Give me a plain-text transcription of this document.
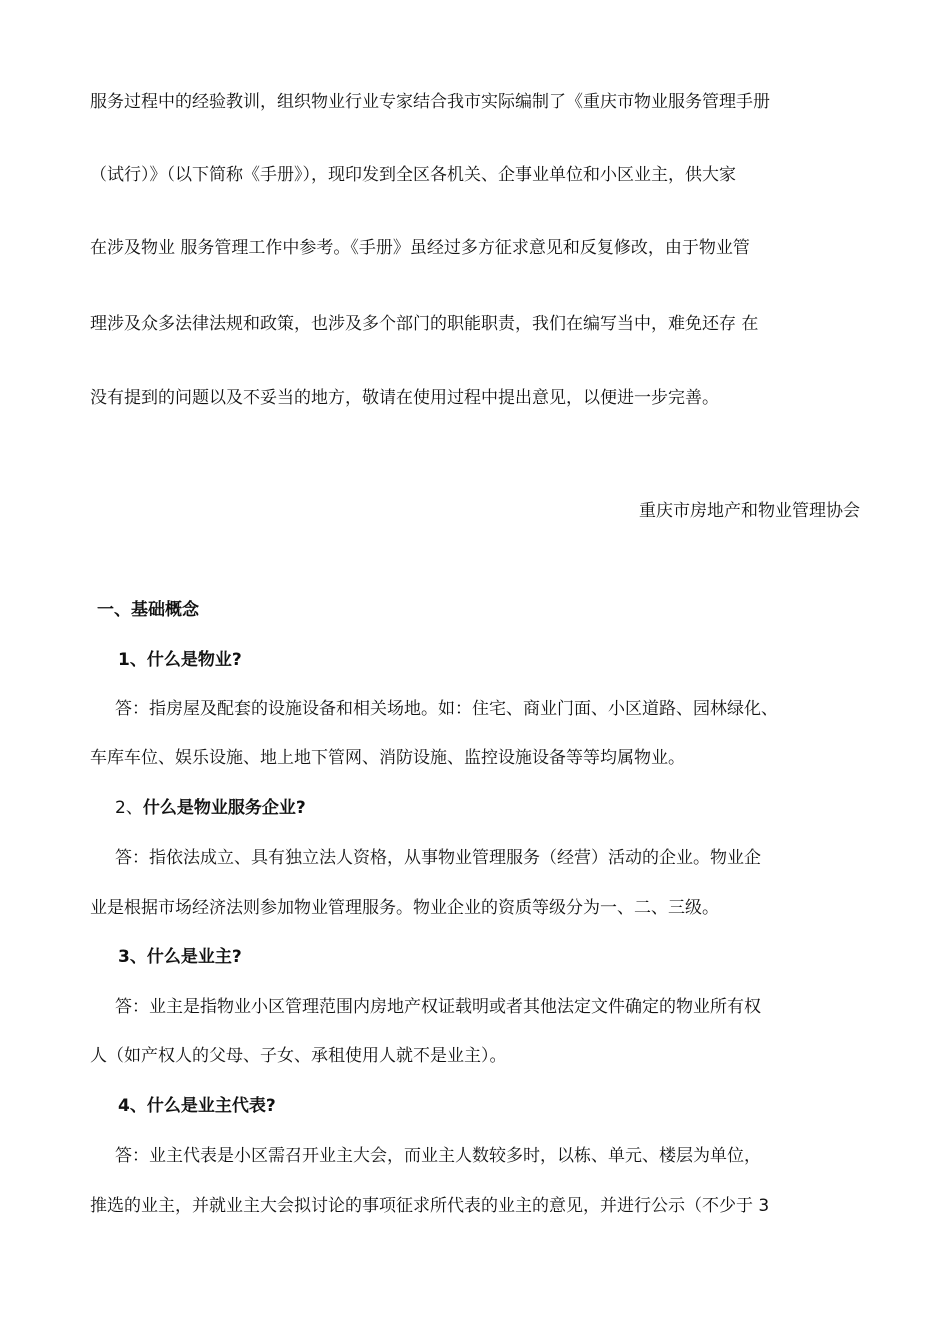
服务过程中的经验教训，组织物业行业专家结合我市实际编制了《重庆市物业服务管理手册
（试行）》（以下简称《手册》），现印发到全区各机关、企事业单位和小区业主，供大家
在涉及物业 服务管理工作中参考。《手册》虽经过多方征求意见和反复修改，由于物业管
理涉及众多法律法规和政策，也涉及多个部门的职能职责，我们在编写当中，难免还存 在
没有提到的问题以及不妥当的地方，敬请在使用过程中提出意见，以便进一步完善。
重庆市房地产和物业管理协会
一、基础概念
1、什么是物业?
答：指房屋及配套的设施设备和相关场地。如：住宅、商业门面、小区道路、园林绿化、
车库车位、娱乐设施、地上地下管网、消防设施、监控设施设备等等均属物业。
2、什么是物业服务企业?
答：指依法成立、具有独立法人资格，从事物业管理服务（经营）活动的企业。物业企
业是根据市场经济法则参加物业管理服务。物业企业的资质等级分为一、二、三级。
3、什么是业主?
答：业主是指物业小区管理范围内房地产权证载明或者其他法定文件确定的物业所有权
人（如产权人的父母、子女、承租使用人就不是业主）。
4、什么是业主代表?
答：业主代表是小区需召开业主大会，而业主人数较多时，以栋、单元、楼层为单位，
推选的业主，并就业主大会拟讨论的事项征求所代表的业主的意见，并进行公示（不少于 3
